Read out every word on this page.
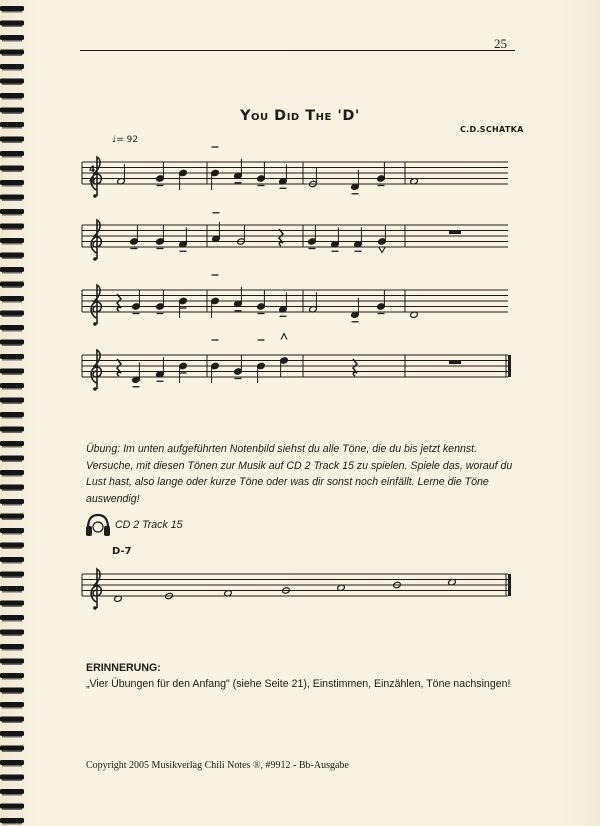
25
You Did The 'D'
C.D.SCHATKA
♩= 92
4
4
Übung: Im unten aufgeführten Notenbild siehst du alle Töne, die du bis jetzt kennst. Versuche, mit diesen Tönen zur Musik auf CD 2 Track 15 zu spielen. Spiele das, worauf du Lust hast, also lange oder kurze Töne oder was dir sonst noch einfällt. Lerne die Töne auswendig!
CD 2 Track 15
D-7
ERINNERUNG:
„Vier Übungen für den Anfang" (siehe Seite 21), Einstimmen, Einzählen, Töne nachsingen!
Copyright 2005 Musikverlag Chili Notes ®, #9912 - Bb-Ausgabe
